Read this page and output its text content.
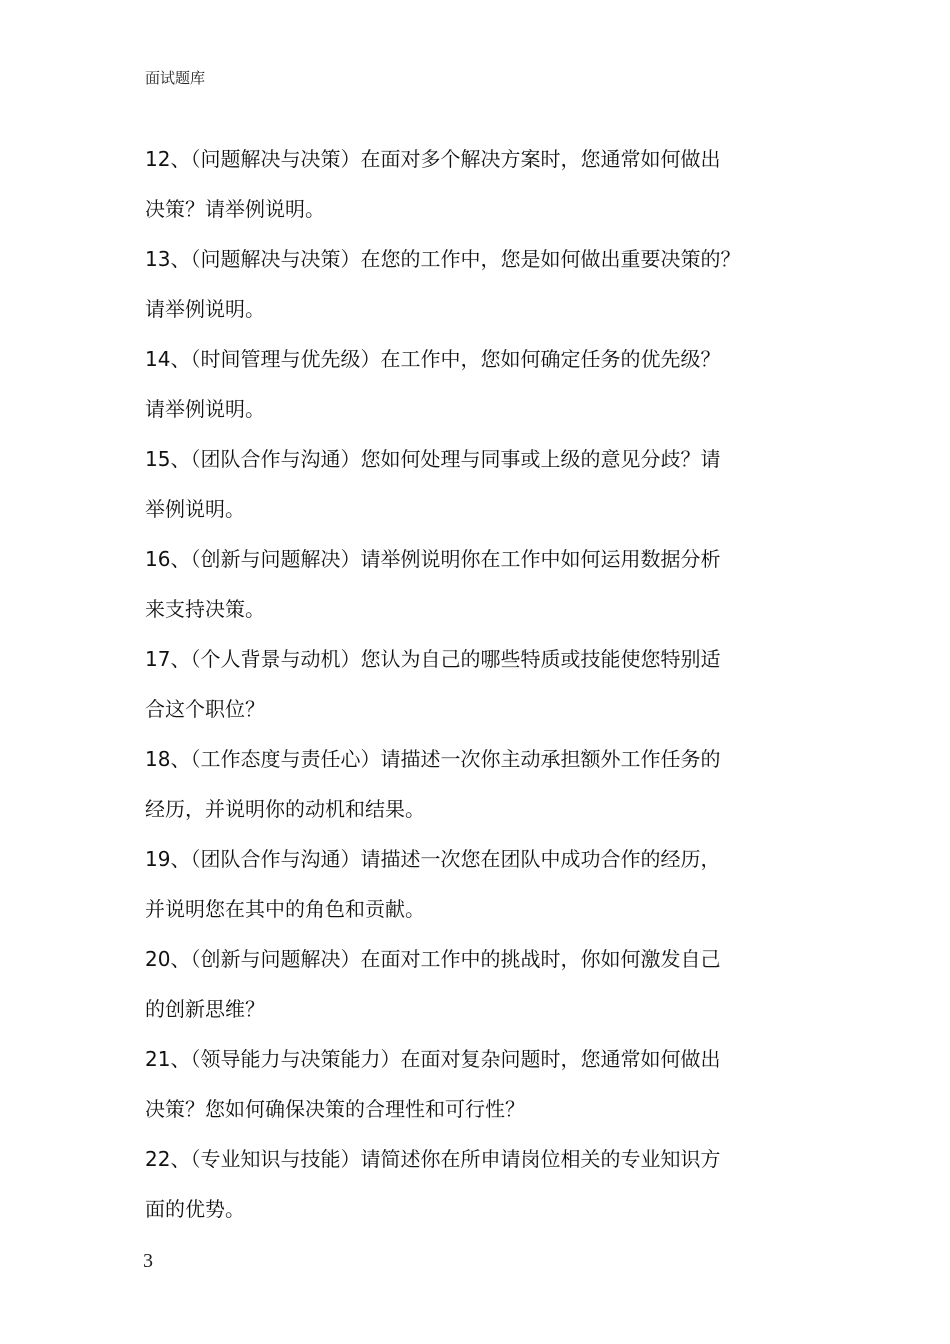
面试题库
12、（问题解决与决策）在面对多个解决方案时，您通常如何做出
决策？请举例说明。
13、（问题解决与决策）在您的工作中，您是如何做出重要决策的？
请举例说明。
14、（时间管理与优先级）在工作中，您如何确定任务的优先级？
请举例说明。
15、（团队合作与沟通）您如何处理与同事或上级的意见分歧？请
举例说明。
16、（创新与问题解决）请举例说明你在工作中如何运用数据分析
来支持决策。
17、（个人背景与动机）您认为自己的哪些特质或技能使您特别适
合这个职位？
18、（工作态度与责任心）请描述一次你主动承担额外工作任务的
经历，并说明你的动机和结果。
19、（团队合作与沟通）请描述一次您在团队中成功合作的经历，
并说明您在其中的角色和贡献。
20、（创新与问题解决）在面对工作中的挑战时，你如何激发自己
的创新思维？
21、（领导能力与决策能力）在面对复杂问题时，您通常如何做出
决策？您如何确保决策的合理性和可行性？
22、（专业知识与技能）请简述你在所申请岗位相关的专业知识方
面的优势。
3
